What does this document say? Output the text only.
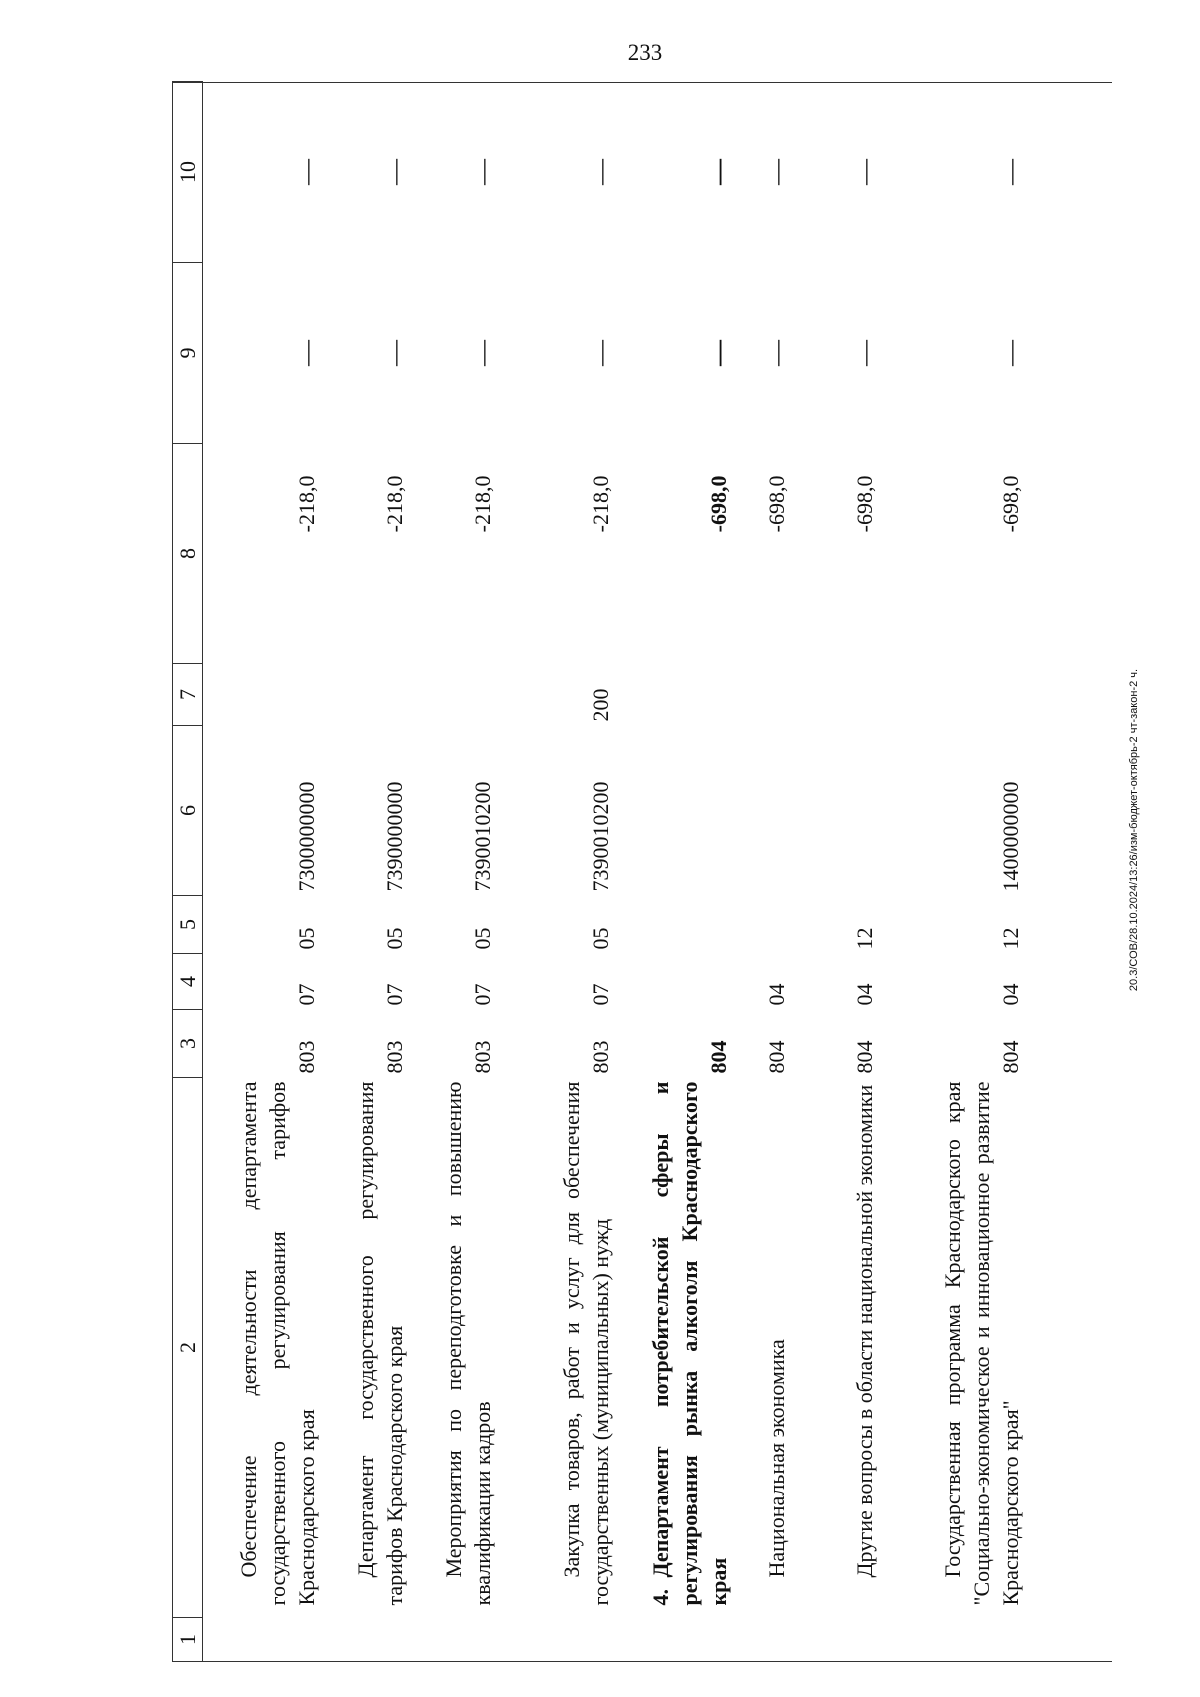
233
1	2	3	4	5	6	7	8	9	10
	Обеспечение деятельности департамента государственного регулирования тарифов Краснодарского края	803	07	05	7300000000		-218,0	—	—
	Департамент государственного регулирования тарифов Краснодарского края	803	07	05	7390000000		-218,0	—	—
	Мероприятия по переподготовке и повышению квалификации кадров	803	07	05	7390010200		-218,0	—	—
	Закупка товаров, работ и услуг для обеспечения государственных (муниципальных) нужд	803	07	05	7390010200	200	-218,0	—	—
	4.Департамент потребительской сферы и регулирования рынка алкоголя Краснодарского края	804					-698,0	—	—
	Национальная экономика	804	04				-698,0	—	—
	Другие вопросы в области национальной экономики	804	04	12			-698,0	—	—
	Государственная программа Краснодарского края "Социально-экономическое и инновационное развитие Краснодарского края"	804	04	12	1400000000		-698,0	—	—
20.3/СОВ/28.10.2024/13:26/изм-бюджет-октябрь-2 чт-закон-2 ч.
